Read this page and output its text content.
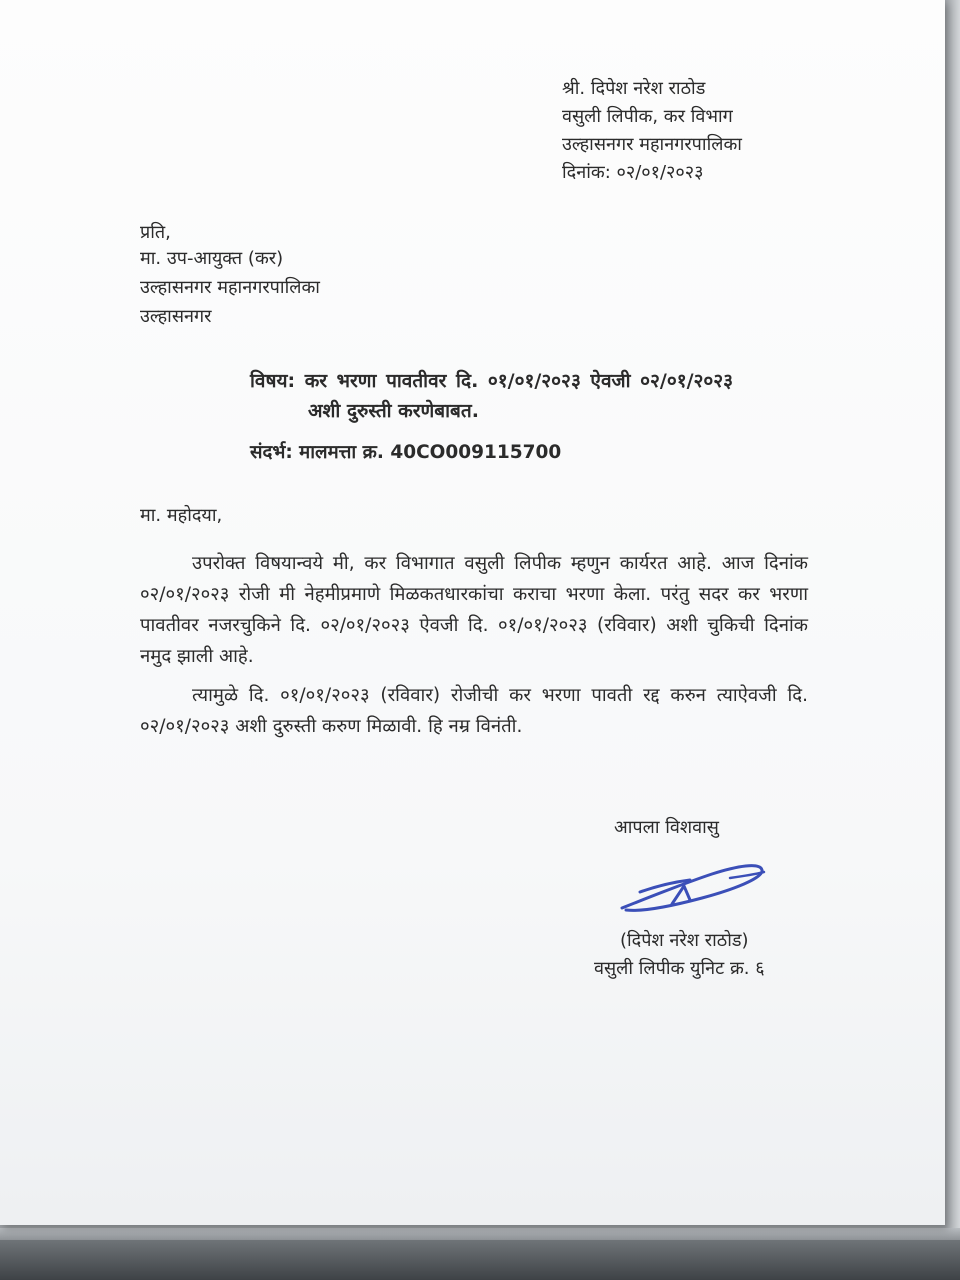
श्री. दिपेश नरेश राठोड
वसुली लिपीक, कर विभाग
उल्हासनगर महानगरपालिका
दिनांक: ०२/०१/२०२३
प्रति,
मा. उप-आयुक्त (कर)
उल्हासनगर महानगरपालिका
उल्हासनगर
विषय: कर भरणा पावतीवर दि. ०१/०१/२०२३ ऐवजी ०२/०१/२०२३
अशी दुरुस्ती करणेबाबत.
संदर्भ: मालमत्ता क्र. 40CO009115700
मा. महोदया,

उपरोक्त विषयान्वये मी, कर विभागात वसुली लिपीक म्हणुन कार्यरत आहे. आज दिनांक ०२/०१/२०२३ रोजी मी नेहमीप्रमाणे मिळकतधारकांचा कराचा भरणा केला. परंतु सदर कर भरणा पावतीवर नजरचुकिने दि. ०२/०१/२०२३ ऐवजी दि. ०१/०१/२०२३ (रविवार) अशी चुकिची दिनांक नमुद झाली आहे.

त्यामुळे दि. ०१/०१/२०२३ (रविवार) रोजीची कर भरणा पावती रद्द करुन त्याऐवजी दि. ०२/०१/२०२३ अशी दुरुस्ती करुण मिळावी. हि नम्र विनंती.

आपला विशवासु
(दिपेश नरेश राठोड)
वसुली लिपीक युनिट क्र. ६
